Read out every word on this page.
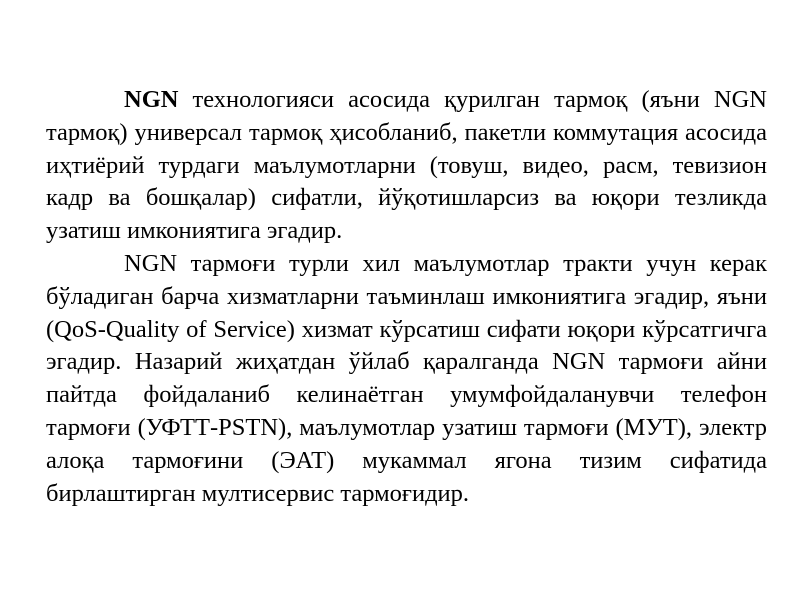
NGN технологияси асосида қурилган тармоқ (яъни NGN тармоқ) универсал тармоқ ҳисобланиб, пакетли коммутация асосида иҳтиёрий турдаги маълумотларни (товуш, видео, расм, тевизион кадр ва бошқалар) сифатли, йўқотишларсиз ва юқори тезликда узатиш имкониятига эгадир.

NGN тармоғи турли хил маълумотлар тракти учун керак бўладиган барча хизматларни таъминлаш имкониятига эгадир, яъни (QoS-Quality of Service) хизмат кўрсатиш сифати юқори кўрсатгичга эгадир. Назарий жиҳатдан ўйлаб қаралганда NGN тармоғи айни пайтда фойдаланиб келинаётган умумфойдаланувчи телефон тармоғи (УФТТ-PSTN), маълумотлар узатиш тармоғи (МУТ), электр алоқа тармоғини (ЭАТ) мукаммал ягона тизим сифатида бирлаштирган мултисервис тармоғидир.
